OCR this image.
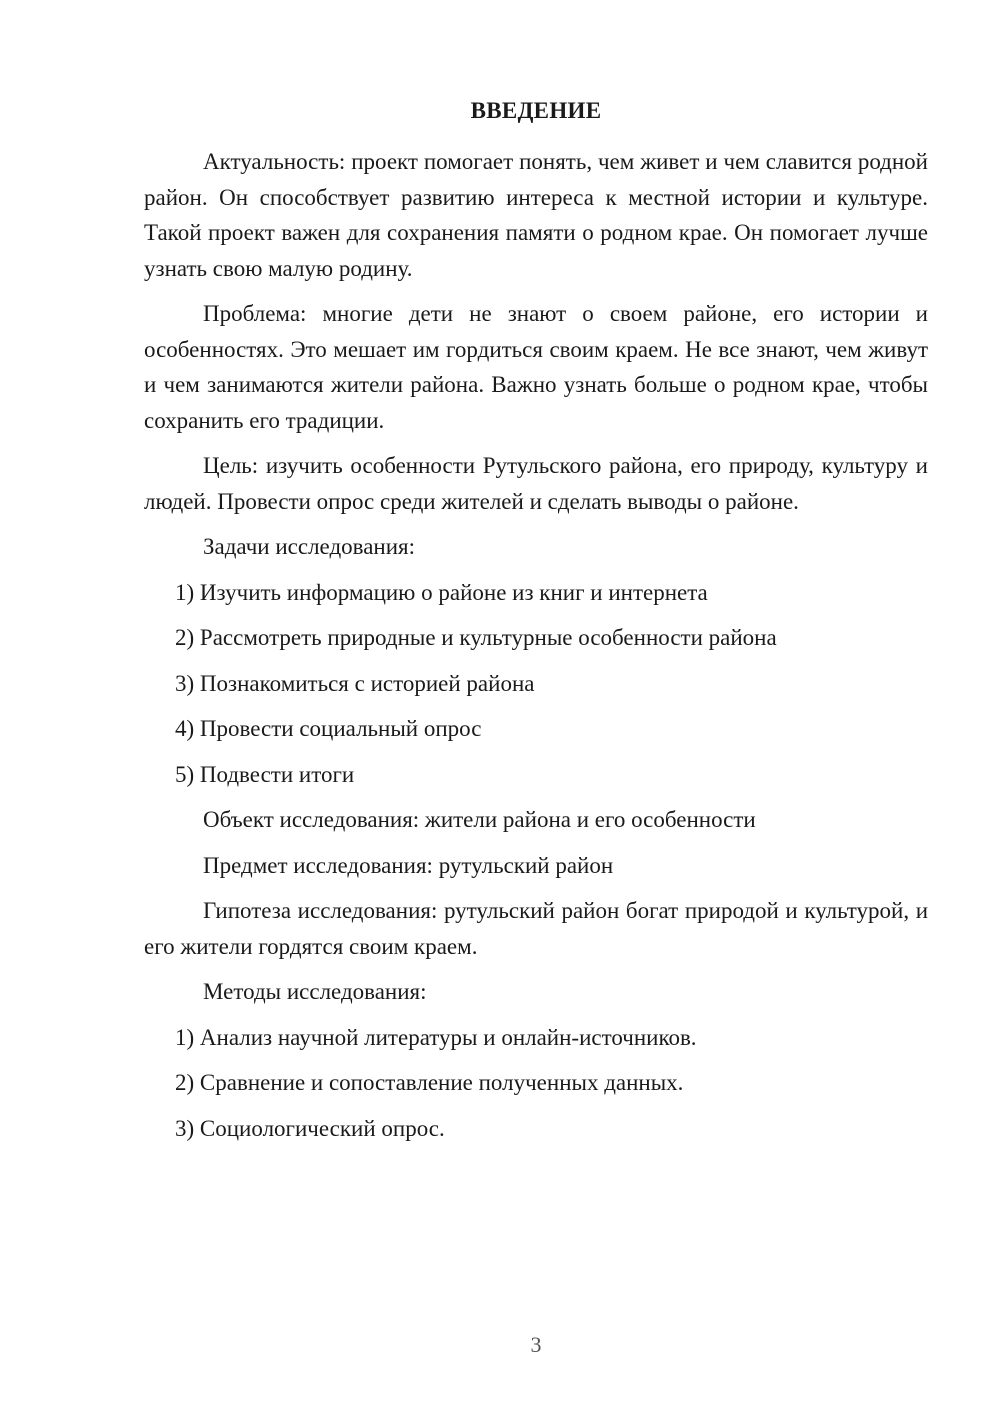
ВВЕДЕНИЕ

Актуальность: проект помогает понять, чем живет и чем славится родной район. Он способствует развитию интереса к местной истории и культуре. Такой проект важен для сохранения памяти о родном крае. Он помогает лучше узнать свою малую родину.

Проблема: многие дети не знают о своем районе, его истории и особенностях. Это мешает им гордиться своим краем. Не все знают, чем живут и чем занимаются жители района. Важно узнать больше о родном крае, чтобы сохранить его традиции.

Цель: изучить особенности Рутульского района, его природу, культуру и людей. Провести опрос среди жителей и сделать выводы о районе.

Задачи исследования:

1) Изучить информацию о районе из книг и интернета

2) Рассмотреть природные и культурные особенности района

3) Познакомиться с историей района

4) Провести социальный опрос

5) Подвести итоги

Объект исследования: жители района и его особенности

Предмет исследования: рутульский район

Гипотеза исследования: рутульский район богат природой и культурой, и его жители гордятся своим краем.

Методы исследования:

1) Анализ научной литературы и онлайн-источников.

2) Сравнение и сопоставление полученных данных.

3) Социологический опрос.

3
